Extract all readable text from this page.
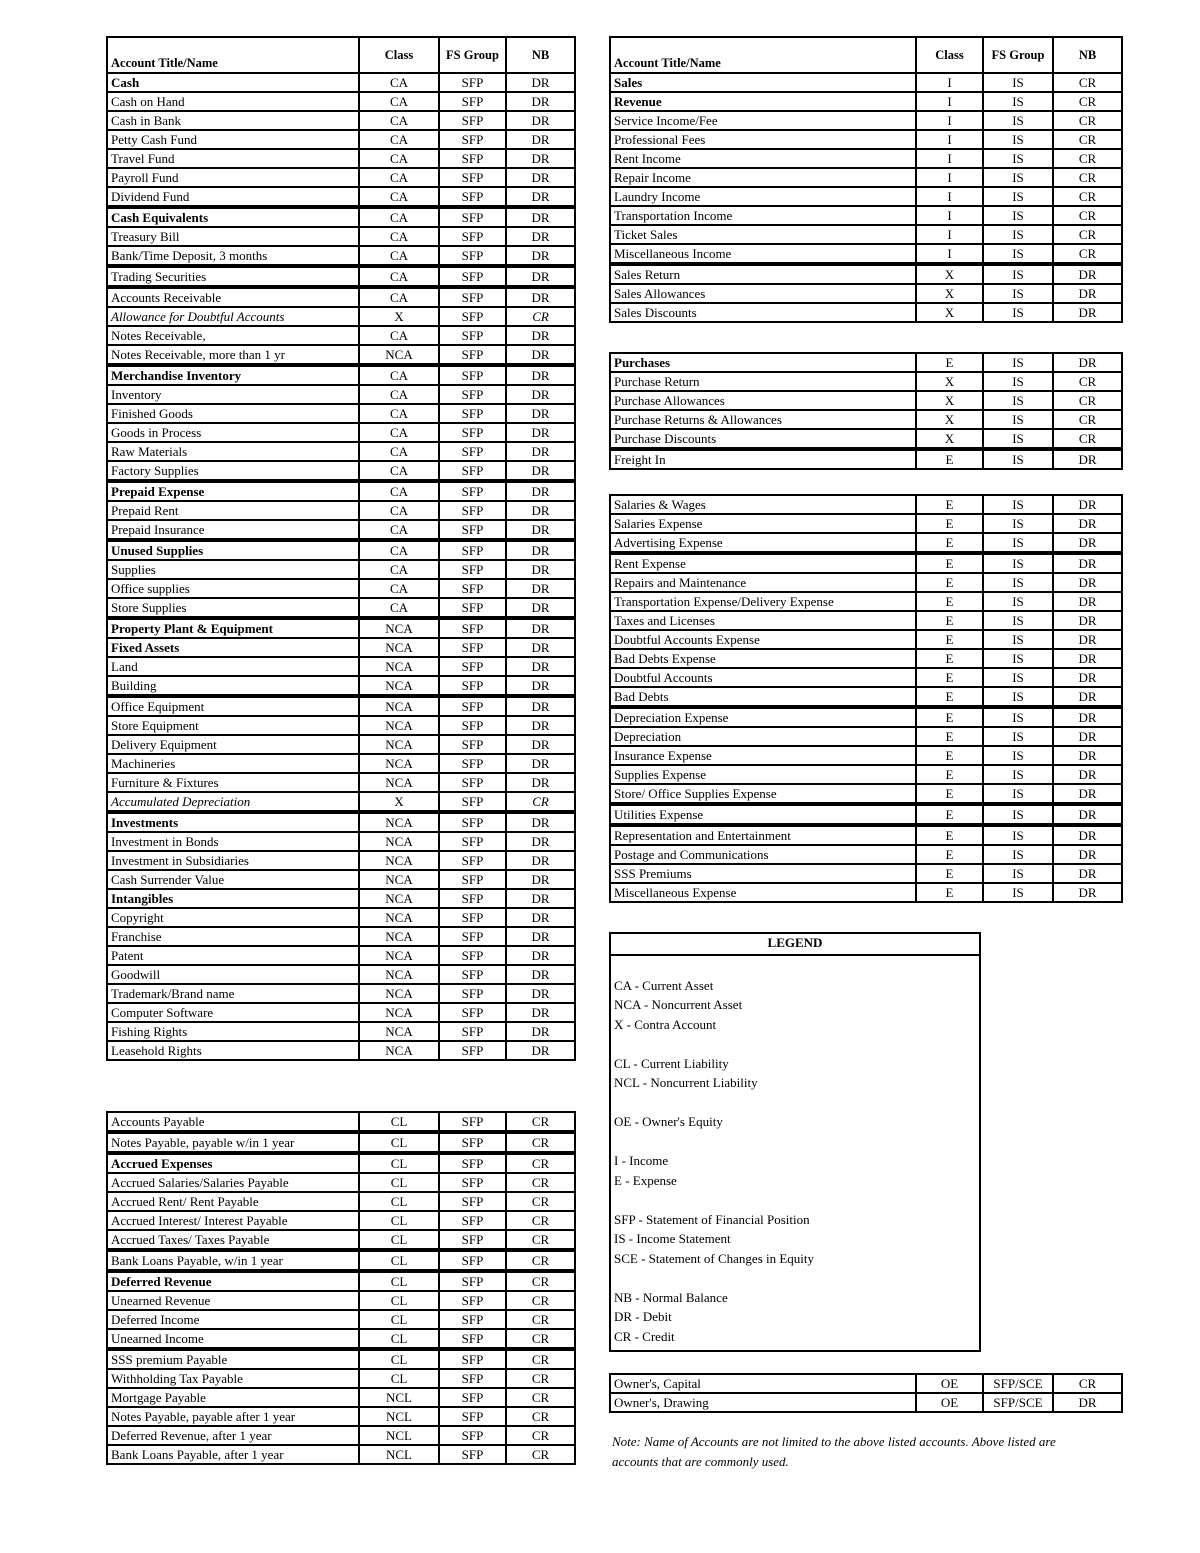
Account Title/Name	Class	FS Group	NB
Cash	CA	SFP	DR
Cash on Hand	CA	SFP	DR
Cash in Bank	CA	SFP	DR
Petty Cash Fund	CA	SFP	DR
Travel Fund	CA	SFP	DR
Payroll Fund	CA	SFP	DR
Dividend Fund	CA	SFP	DR
Cash Equivalents	CA	SFP	DR
Treasury Bill	CA	SFP	DR
Bank/Time Deposit, 3 months	CA	SFP	DR
Trading Securities	CA	SFP	DR
Accounts Receivable	CA	SFP	DR
Allowance for Doubtful Accounts	X	SFP	CR
Notes Receivable,	CA	SFP	DR
Notes Receivable, more than 1 yr	NCA	SFP	DR
Merchandise Inventory	CA	SFP	DR
Inventory	CA	SFP	DR
Finished Goods	CA	SFP	DR
Goods in Process	CA	SFP	DR
Raw Materials	CA	SFP	DR
Factory Supplies	CA	SFP	DR
Prepaid Expense	CA	SFP	DR
Prepaid Rent	CA	SFP	DR
Prepaid Insurance	CA	SFP	DR
Unused Supplies	CA	SFP	DR
Supplies	CA	SFP	DR
Office supplies	CA	SFP	DR
Store Supplies	CA	SFP	DR
Property Plant & Equipment	NCA	SFP	DR
Fixed Assets	NCA	SFP	DR
Land	NCA	SFP	DR
Building	NCA	SFP	DR
Office Equipment	NCA	SFP	DR
Store Equipment	NCA	SFP	DR
Delivery Equipment	NCA	SFP	DR
Machineries	NCA	SFP	DR
Furniture & Fixtures	NCA	SFP	DR
Accumulated Depreciation	X	SFP	CR
Investments	NCA	SFP	DR
Investment in Bonds	NCA	SFP	DR
Investment in Subsidiaries	NCA	SFP	DR
Cash Surrender Value	NCA	SFP	DR
Intangibles	NCA	SFP	DR
Copyright	NCA	SFP	DR
Franchise	NCA	SFP	DR
Patent	NCA	SFP	DR
Goodwill	NCA	SFP	DR
Trademark/Brand name	NCA	SFP	DR
Computer Software	NCA	SFP	DR
Fishing Rights	NCA	SFP	DR
Leasehold Rights	NCA	SFP	DR
Accounts Payable	CL	SFP	CR
Notes Payable, payable w/in 1 year	CL	SFP	CR
Accrued Expenses	CL	SFP	CR
Accrued Salaries/Salaries Payable	CL	SFP	CR
Accrued Rent/ Rent Payable	CL	SFP	CR
Accrued Interest/ Interest Payable	CL	SFP	CR
Accrued Taxes/ Taxes Payable	CL	SFP	CR
Bank Loans Payable, w/in 1 year	CL	SFP	CR
Deferred Revenue	CL	SFP	CR
Unearned Revenue	CL	SFP	CR
Deferred Income	CL	SFP	CR
Unearned Income	CL	SFP	CR
SSS premium Payable	CL	SFP	CR
Withholding Tax Payable	CL	SFP	CR
Mortgage Payable	NCL	SFP	CR
Notes Payable, payable after 1 year	NCL	SFP	CR
Deferred Revenue, after 1 year	NCL	SFP	CR
Bank Loans Payable, after 1 year	NCL	SFP	CR
Account Title/Name	Class	FS Group	NB
Sales	I	IS	CR
Revenue	I	IS	CR
Service Income/Fee	I	IS	CR
Professional Fees	I	IS	CR
Rent Income	I	IS	CR
Repair Income	I	IS	CR
Laundry Income	I	IS	CR
Transportation Income	I	IS	CR
Ticket Sales	I	IS	CR
Miscellaneous Income	I	IS	CR
Sales Return	X	IS	DR
Sales Allowances	X	IS	DR
Sales Discounts	X	IS	DR
Purchases	E	IS	DR
Purchase Return	X	IS	CR
Purchase Allowances	X	IS	CR
Purchase Returns & Allowances	X	IS	CR
Purchase Discounts	X	IS	CR
Freight In	E	IS	DR
Salaries & Wages	E	IS	DR
Salaries Expense	E	IS	DR
Advertising Expense	E	IS	DR
Rent Expense	E	IS	DR
Repairs and Maintenance	E	IS	DR
Transportation Expense/Delivery Expense	E	IS	DR
Taxes and Licenses	E	IS	DR
Doubtful Accounts Expense	E	IS	DR
Bad Debts Expense	E	IS	DR
Doubtful Accounts	E	IS	DR
Bad Debts	E	IS	DR
Depreciation Expense	E	IS	DR
Depreciation	E	IS	DR
Insurance Expense	E	IS	DR
Supplies Expense	E	IS	DR
Store/ Office Supplies Expense	E	IS	DR
Utilities Expense	E	IS	DR
Representation and Entertainment	E	IS	DR
Postage and Communications	E	IS	DR
SSS Premiums	E	IS	DR
Miscellaneous Expense	E	IS	DR
LEGEND
CA - Current Asset
NCA - Noncurrent Asset
X - Contra Account
CL - Current Liability
NCL - Noncurrent Liability
OE - Owner's Equity
I - Income
E - Expense
SFP - Statement of Financial Position
IS - Income Statement
SCE - Statement of Changes in Equity
NB - Normal Balance
DR - Debit
CR - Credit
Owner's, Capital	OE	SFP/SCE	CR
Owner's, Drawing	OE	SFP/SCE	DR
Note: Name of Accounts are not limited to the above listed accounts. Above listed are accounts that are commonly used.
